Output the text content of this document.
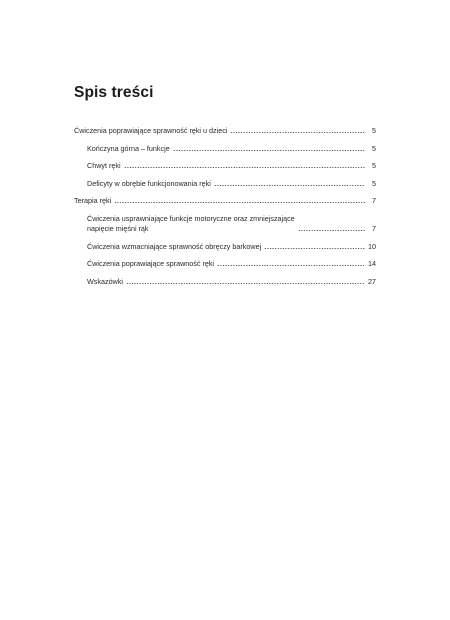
Spis treści
Ćwiczenia poprawiające sprawność ręki u dzieci	5
Kończyna górna – funkcje	5
Chwyt ręki	5
Deficyty w obrębie funkcjonowania ręki	5
Terapia ręki	7
Ćwiczenia usprawniające funkcje motoryczne oraz zmniejszające
napięcie mięśni rąk	7
Ćwiczenia wzmacniające sprawność obręczy barkowej	10
Ćwiczenia poprawiające sprawność ręki	14
Wskazówki	27
